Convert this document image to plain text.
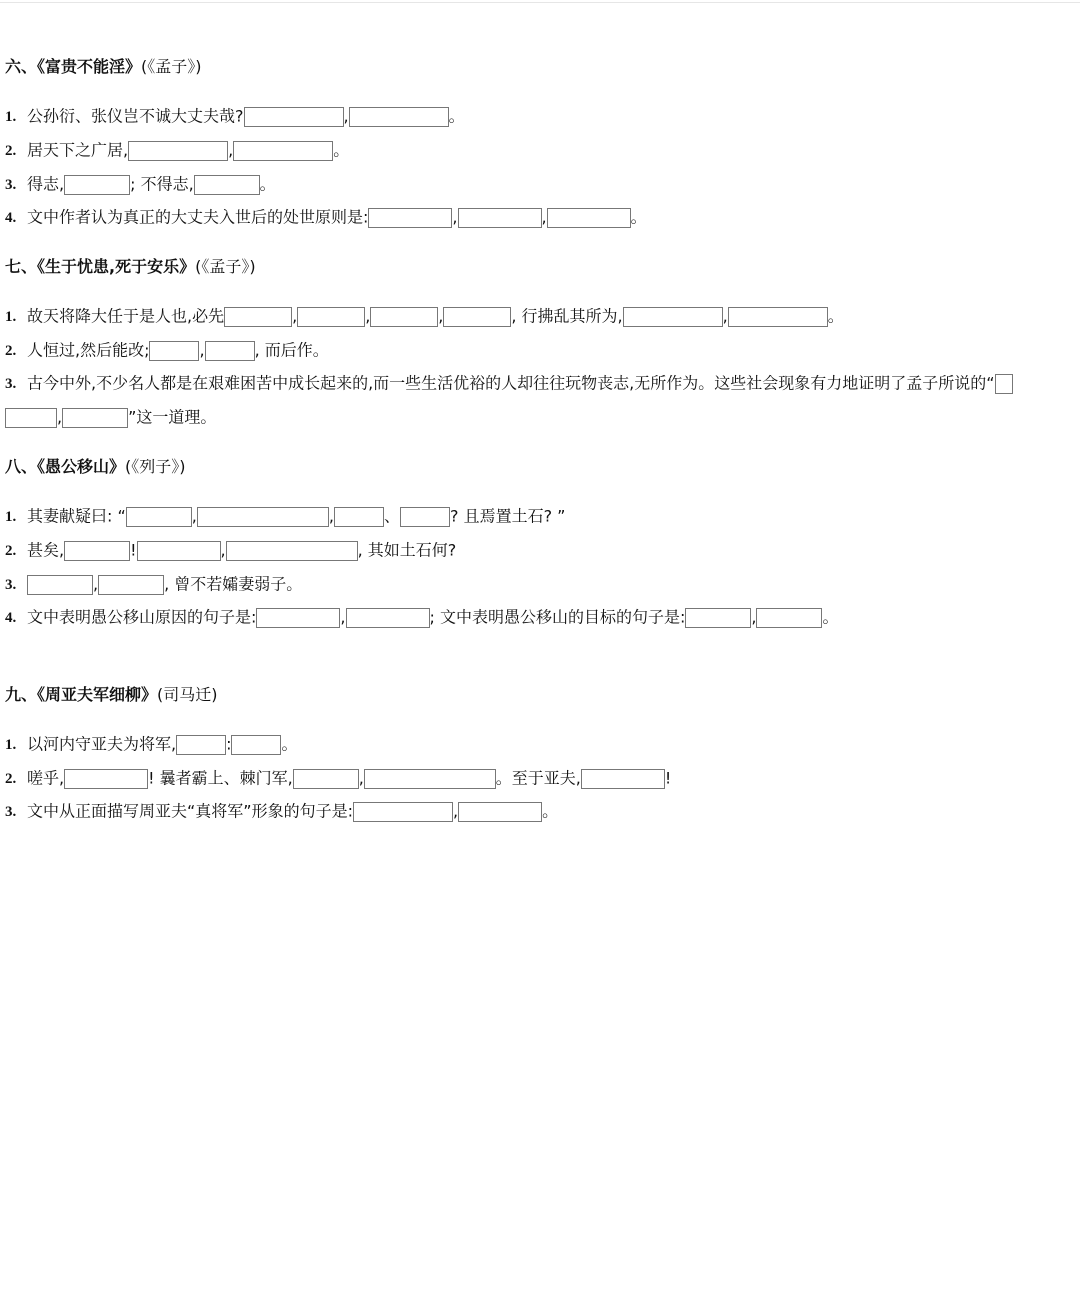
六、《富贵不能淫》(《孟子》)
1. 公孙衍、张仪岂不诚大丈夫哉?	,	。
2. 居天下之广居,	,	。
3. 得志,	; 不得志,	。
4. 文中作者认为真正的大丈夫入世后的处世原则是:	,	,	。
七、《生于忧患,死于安乐》(《孟子》)
1. 故天将降大任于是人也,必先	,	,	,	, 行拂乱其所为,	,	。
2. 人恒过,然后能改;	,	, 而后作。
3. 古今中外,不少名人都是在艰难困苦中成长起来的,而一些生活优裕的人却往往玩物丧志,无所作为。这些社会现象有力地证明了孟子所说的“
,	”这一道理。
八、《愚公移山》(《列子》)
1. 其妻献疑曰: “	,	,	、	? 且焉置土石? ”
2. 甚矣,	!	,	, 其如土石何?
3.	,	, 曾不若孀妻弱子。
4. 文中表明愚公移山原因的句子是:	,	; 文中表明愚公移山的目标的句子是:	,	。
九、《周亚夫军细柳》(司马迁)
1. 以河内守亚夫为将军,	:	。
2. 嗟乎,	! 曩者霸上、棘门军,	,	。至于亚夫,	!
3. 文中从正面描写周亚夫“真将军”形象的句子是:	,	。
